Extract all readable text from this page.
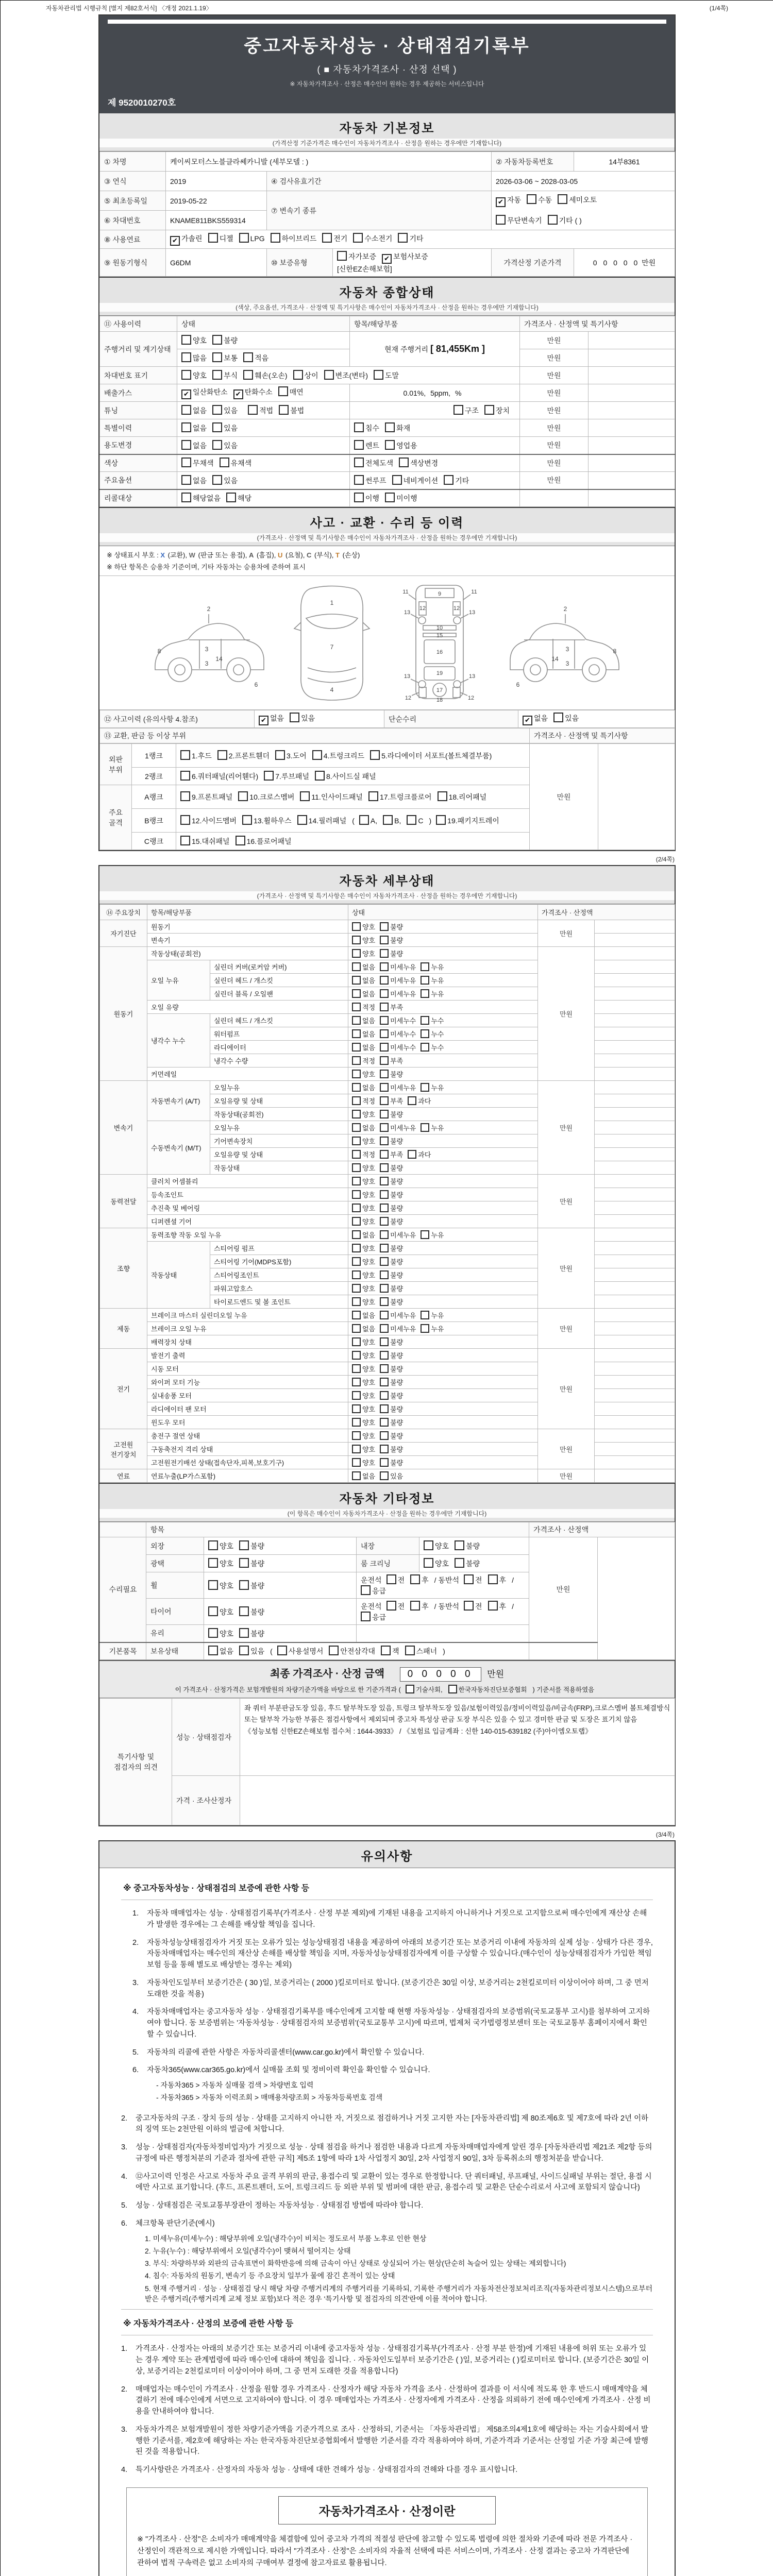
자동차관리법 시행규칙 [별지 제82호서식] 〈개정 2021.1.19〉	(1/4쪽)
중고자동차성능 · 상태점검기록부
( ■ 자동차가격조사 · 산정 선택 )
※ 자동차가격조사 · 산정은 매수인이 원하는 경우 제공하는 서비스입니다
제 9520010270호
자동차 기본정보
(가격산정 기준가격은 매수인이 자동차가격조사 · 산정을 원하는 경우에만 기재합니다)
① 차명	케이씨모터스노블클라쎄카니발 (세부모델 : )			② 자동차등록번호	14부8361
③ 연식	2019	④ 검사유효기간		2026-03-06 ~ 2028-03-05	
⑤ 최초등록일	2019-05-22	⑦ 변속기 종류		✔ 자동 수동 세미오토	
⑥ 차대번호	KNAME811BKS559314			무단변속기 기타 ( )	
⑧ 사용연료	✔ 가솔린 디젤 LPG 하이브리드 전기 수소전기 기타				
⑨ 원동기형식	G6DM	⑩ 보증유형	자가보증 ✔ 보험사보증[신한EZ손해보험]	가격산정 기준가격	0 0 0 0 0 만원
자동차 종합상태
(색상, 주요옵션, 가격조사 · 산정액 및 특기사항은 매수인이 자동차가격조사 · 산정을 원하는 경우에만 기재합니다)
⑪ 사용이력	상태	항목/해당부품	가격조사 · 산정액 및 특기사항	
주행거리 및 계기상태	양호 불량	현재 주행거리 [ 81,455Km ]	만원	
	많음 보통 적음		만원	
차대번호 표기	양호 부식 훼손(오손) 상이 변조(변타) 도말		만원	
배출가스	✔ 일산화탄소 ✔ 탄화수소 매연	0.01%, 5ppm, %	만원	
튜닝	없음 있음 적법 불법	구조 장치	만원	
특별이력	없음 있음	침수 화재	만원	
용도변경	없음 있음	렌트 영업용	만원	
색상	무채색 유채색	전체도색 색상변경	만원	
주요옵션	없음 있음	썬루프 네비게이션 기타	만원	
리콜대상	해당없음 해당	이행 미이행		
사고 · 교환 · 수리 등 이력
(가격조사 · 산정액 및 특기사항은 매수인이 자동차가격조사 · 산정을 원하는 경우에만 기재합니다)
※ 상태표시 부호 : X (교환), W (판금 또는 용접), A (흠집), U (요철), C (부식), T (손상)
※ 하단 항목은 승용차 기준이며, 기타 자동차는 승용차에 준하여 표시
2
8	3
14
3
6
1
7
4
9
11	11
13	13
12	12
10
15
16
13	19	13
12
17
12
18
2
3	8
14
3
6
⑫ 사고이력 (유의사항 4.참조)	✔ 없음 있음	단순수리	✔ 없음 있음
⑬ 교환, 판금 등 이상 부위	가격조사 · 산정액 및 특기사항
외판 부위	1랭크	1.후드 2.프론트휀더 3.도어 4.트렁크리드 5.라디에이터 서포트(볼트체결부품)	만원	
	2랭크	6.쿼터패널(리어휀다) 7.루브패널 8.사이드실 패널		
주요 골격	A랭크	9.프론트패널 10.크로스멤버 11.인사이드패널 17.트렁크플로어 18.리어패널		
	B랭크	12.사이드멤버 13.휠하우스 14.필러패널 ( A, B, C ) 19.패키지트레이		
	C랭크	15.대쉬패널 16.플로어패널		
(2/4쪽)
자동차 세부상태
(가격조사 · 산정액 및 특기사항은 매수인이 자동차가격조사 · 산정을 원하는 경우에만 기재합니다)
⑭ 주요장치	항목/해당부품		상태	가격조사 · 산정액	
자기진단	원동기		양호 불량	만원	
	변속기		양호 불량		
원동기	작동상태(공회전)		양호 불량	만원	
	오일 누유	실린더 커버(로커암 커버)	없음 미세누유 누유		
		실린더 헤드 / 개스킷	없음 미세누유 누유		
		실린더 블록 / 오일팬	없음 미세누유 누유		
	오일 유량		적정 부족		
	냉각수 누수	실린더 헤드 / 개스킷	없음 미세누수 누수		
		워터펌프	없음 미세누수 누수		
		라디에이터	없음 미세누수 누수		
		냉각수 수량	적정 부족		
	커먼레일		양호 불량		
변속기	자동변속기 (A/T)	오일누유	없음 미세누유 누유	만원	
		오일유량 및 상태	적정 부족 과다		
		작동상태(공회전)	양호 불량		
	수동변속기 (M/T)	오일누유	없음 미세누유 누유		
		기어변속장치	양호 불량		
		오일유량 및 상태	적정 부족 과다		
		작동상태	양호 불량		
동력전달	클러치 어셈블리		양호 불량	만원	
	등속조인트		양호 불량		
	추진축 및 베어링		양호 불량		
	디퍼렌셜 기어		양호 불량		
조향	동력조향 작동 오일 누유		없음 미세누유 누유	만원	
	작동상태	스티어링 펌프	양호 불량		
		스티어링 기어(MDPS포함)	양호 불량		
		스티어링조인트	양호 불량		
		파워고압호스	양호 불량		
		타이로드엔드 및 볼 조인트	양호 불량		
제동	브레이크 마스터 실린더오일 누유		없음 미세누유 누유	만원	
	브레이크 오일 누유		없음 미세누유 누유		
	배력장치 상태		양호 불량		
전기	발전기 출력		양호 불량	만원	
	시동 모터		양호 불량		
	와이퍼 모터 기능		양호 불량		
	실내송풍 모터		양호 불량		
	라디에이터 팬 모터		양호 불량		
	윈도우 모터		양호 불량		
고전원 전기장치	충전구 절연 상태		양호 불량	만원	
	구동축전지 격리 상태		양호 불량		
	고전원전기배선 상태(접속단자,피복,보호기구)		양호 불량		
연료	연료누출(LP가스포함)		없음 있음	만원	
자동차 기타정보
(이 항목은 매수인이 자동차가격조사 · 산정을 원하는 경우에만 기재합니다)
	항목				가격조사 · 산정액	
수리필요	외장	양호 불량	내장	양호 불량	만원	
	광택	양호 불량	룸 크리닝	양호 불량		
	휠	양호 불량	운전석 전 후 / 동반석 전 후 /응급			
	타이어	양호 불량	운전석 전 후 / 동반석 전 후 /응급			
	유리	양호 불량				
기본품목	보유상태	없음 있음 ( 사용설명서 안전삼각대 잭 스패너 )				
최종 가격조사 · 산정 금액 0 0 0 0 0 만원
이 가격조사 · 산정가격은 보험개발원의 차량기준가액을 바탕으로 한 기준가격과 ( 기술사회, 한국자동차진단보증협회 ) 기준서를 적용하였음
특기사항 및 점검자의 의견	성능 · 상태점검자	좌 쿼터 부분판금도장 있음, 후드 탈부착도장 있음, 트렁크 탈부착도장 있음/보험이력있음/정비이력있음/비금속(FRP),크로스멤버 볼트체결방식 또는 탈부착 가능한 부품은 점검사항에서 제외되며 중고차 특성상 판금 도장 부식은 있을 수 있고 경미한 판금 및 도장은 표기치 않음 《성능보험 신한EZ손해보험 접수처 : 1644-3933》 / 《보험료 입금계좌 : 신한 140-015-639182 (주)아이엠오토랩》
	가격 · 조사산정자	
(3/4쪽)
유의사항
※ 중고자동차성능 · 상태점검의 보증에 관한 사항 등
1.	자동차 매매업자는 성능 · 상태점검기록부(가격조사 · 산정 부분 제외)에 기재된 내용을 고지하지 아니하거나 거짓으로 고지함으로써 매수인에게 재산상 손해가 발생한 경우에는 그 손해를 배상할 책임을 집니다.
2.	자동차성능상태점검자가 거짓 또는 오류가 있는 성능상태점검 내용을 제공하여 아래의 보증기간 또는 보증거리 이내에 자동차의 실제 성능 · 상태가 다른 경우, 자동차매매업자는 매수인의 재산상 손해를 배상할 책임을 지며, 자동차성능상태점검자에게 이를 구상할 수 있습니다.(매수인이 성능상태점검자가 가입한 책임보험 등을 통해 별도로 배상받는 경우는 제외)
3.	자동차인도일부터 보증기간은 ( 30 )일, 보증거리는 ( 2000 )킬로미터로 합니다. (보증기간은 30일 이상, 보증거리는 2천킬로미터 이상이어야 하며, 그 중 먼저 도래한 것을 적용)
4.	자동차매매업자는 중고자동차 성능 · 상태점검기록부를 매수인에게 고지할 때 현행 자동차성능 · 상태점검자의 보증범위(국토교통부 고시)를 첨부하여 고지하여야 합니다. 동 보증범위는 '자동차성능 · 상태점검자의 보증범위'(국토교통부 고시)에 따르며, 법제처 국가법령정보센터 또는 국토교통부 홈페이지에서 확인할 수 있습니다.
5.	자동차의 리콜에 관한 사항은 자동차리콜센터(www.car.go.kr)에서 확인할 수 있습니다.
6.	자동차365(www.car365.go.kr)에서 실매물 조회 및 정비이력 확인을 확인할 수 있습니다.
- 자동차365 > 자동차 실매물 검색 > 차량번호 입력
- 자동차365 > 자동차 이력조회 > 매매용차량조회 > 자동차등록번호 검색
2.	중고자동차의 구조 · 장치 등의 성능 · 상태를 고지하지 아니한 자, 거짓으로 점검하거나 거짓 고지한 자는 [자동차관리법] 제 80조제6호 및 제7호에 따라 2년 이하의 징역 또는 2천만원 이하의 벌금에 처합니다.
3.	성능 · 상태점검자(자동차정비업자)가 거짓으로 성능 · 상태 점검을 하거나 점검한 내용과 다르게 자동차매매업자에게 알린 경우 [자동차관리법 제21조 제2항 등의 규정에 따른 행정처분의 기준과 절차에 관한 규칙] 제5조 1항에 따라 1차 사업정지 30일, 2차 사업정지 90일, 3차 등록취소의 행정처분을 받습니다.
4.	⑫사고이력 인정은 사고로 자동차 주요 골격 부위의 판금, 용접수리 및 교환이 있는 경우로 한정합니다. 단 쿼터패널, 루프패널, 사이드실패널 부위는 절단, 용접 시에만 사고로 표기합니다. (후드, 프론트펜더, 도어, 트렁크리드 등 외판 부위 및 범퍼에 대한 판금, 용접수리 및 교환은 단순수리로서 사고에 포함되지 않습니다)
5.	성능 · 상태점검은 국토교통부장관이 정하는 자동차성능 · 상태점검 방법에 따라야 합니다.
6.	체크항목 판단기준(예시)
1. 미세누유(미세누수) : 해당부위에 오일(냉각수)이 비치는 정도로서 부품 노후로 인한 현상
2. 누유(누수) : 해당부위에서 오일(냉각수)이 맺혀서 떨어지는 상태
3. 부식: 차량하부와 외판의 금속표면이 화학반응에 의해 금속이 아닌 상태로 상실되어 가는 현상(단순히 녹슬어 있는 상태는 제외합니다)
4. 침수: 자동차의 원동기, 변속기 등 주요장치 일부가 물에 잠긴 흔적이 있는 상태
5. 현재 주행거리 · 성능 · 상태점검 당시 해당 차량 주행거리계의 주행거리를 기록하되, 기록한 주행거리가 자동차전산정보처리조직(자동차관리정보시스템)으로부터 받은 주행거리(주행거리계 교체 정보 포함)보다 적은 경우 '특기사항 및 점검자의 의견'란에 이를 적어야 합니다.
※ 자동차가격조사 · 산정의 보증에 관한 사항 등
1.	가격조사 · 산정자는 아래의 보증기간 또는 보증거리 이내에 중고자동차 성능 · 상태점검기록부(가격조사 · 산정 부분 한정)에 기재된 내용에 허위 또는 오류가 있는 경우 계약 또는 관계법령에 따라 매수인에 대하여 책임을 집니다. · 자동차인도일부터 보증기간은 ( )일, 보증거리는 ( )킬로미터로 합니다. (보증기간은 30일 이상, 보증거리는 2천킬로미터 이상이어야 하며, 그 중 먼저 도래한 것을 적용합니다)
2.	매매업자는 매수인이 가격조사 · 산정을 원할 경우 가격조사 · 산정자가 해당 자동차 가격을 조사 · 산정하여 결과를 이 서식에 적도록 한 후 반드시 매매계약을 체결하기 전에 매수인에게 서면으로 고지하여야 합니다. 이 경우 매매업자는 가격조사 · 산정자에게 가격조사 · 산정을 의뢰하기 전에 매수인에게 가격조사 · 산정 비용을 안내하여야 합니다.
3.	자동차가격은 보험개발원이 정한 차량기준가액을 기준가격으로 조사 · 산정하되, 기준서는 「자동차관리법」 제58조의4제1호에 해당하는 자는 기술사회에서 발행한 기준서를, 제2호에 해당하는 자는 한국자동차진단보증협회에서 발행한 기준서를 각각 적용하여야 하며, 기준가격과 기준서는 산정일 기준 가장 최근에 발행된 것을 적용합니다.
4.	특기사항란은 가격조사 · 산정자의 자동차 성능 · 상태에 대한 견해가 성능 · 상태점검자의 견해와 다를 경우 표시합니다.
자동차가격조사 · 산정이란
※ "가격조사 · 산정"은 소비자가 매매계약을 체결함에 있어 중고차 가격의 적절성 판단에 참고할 수 있도록 법령에 의한 절차와 기준에 따라 전문 가격조사 · 산정인이 객관적으로 제시한 가액입니다. 따라서 "가격조사 · 산정"은 소비자의 자율적 선택에 따른 서비스이며, 가격조사 · 산정 결과는 중고차 가격판단에 관하여 법적 구속력은 없고 소비자의 구매여부 결정에 참고자료로 활용됩니다.
